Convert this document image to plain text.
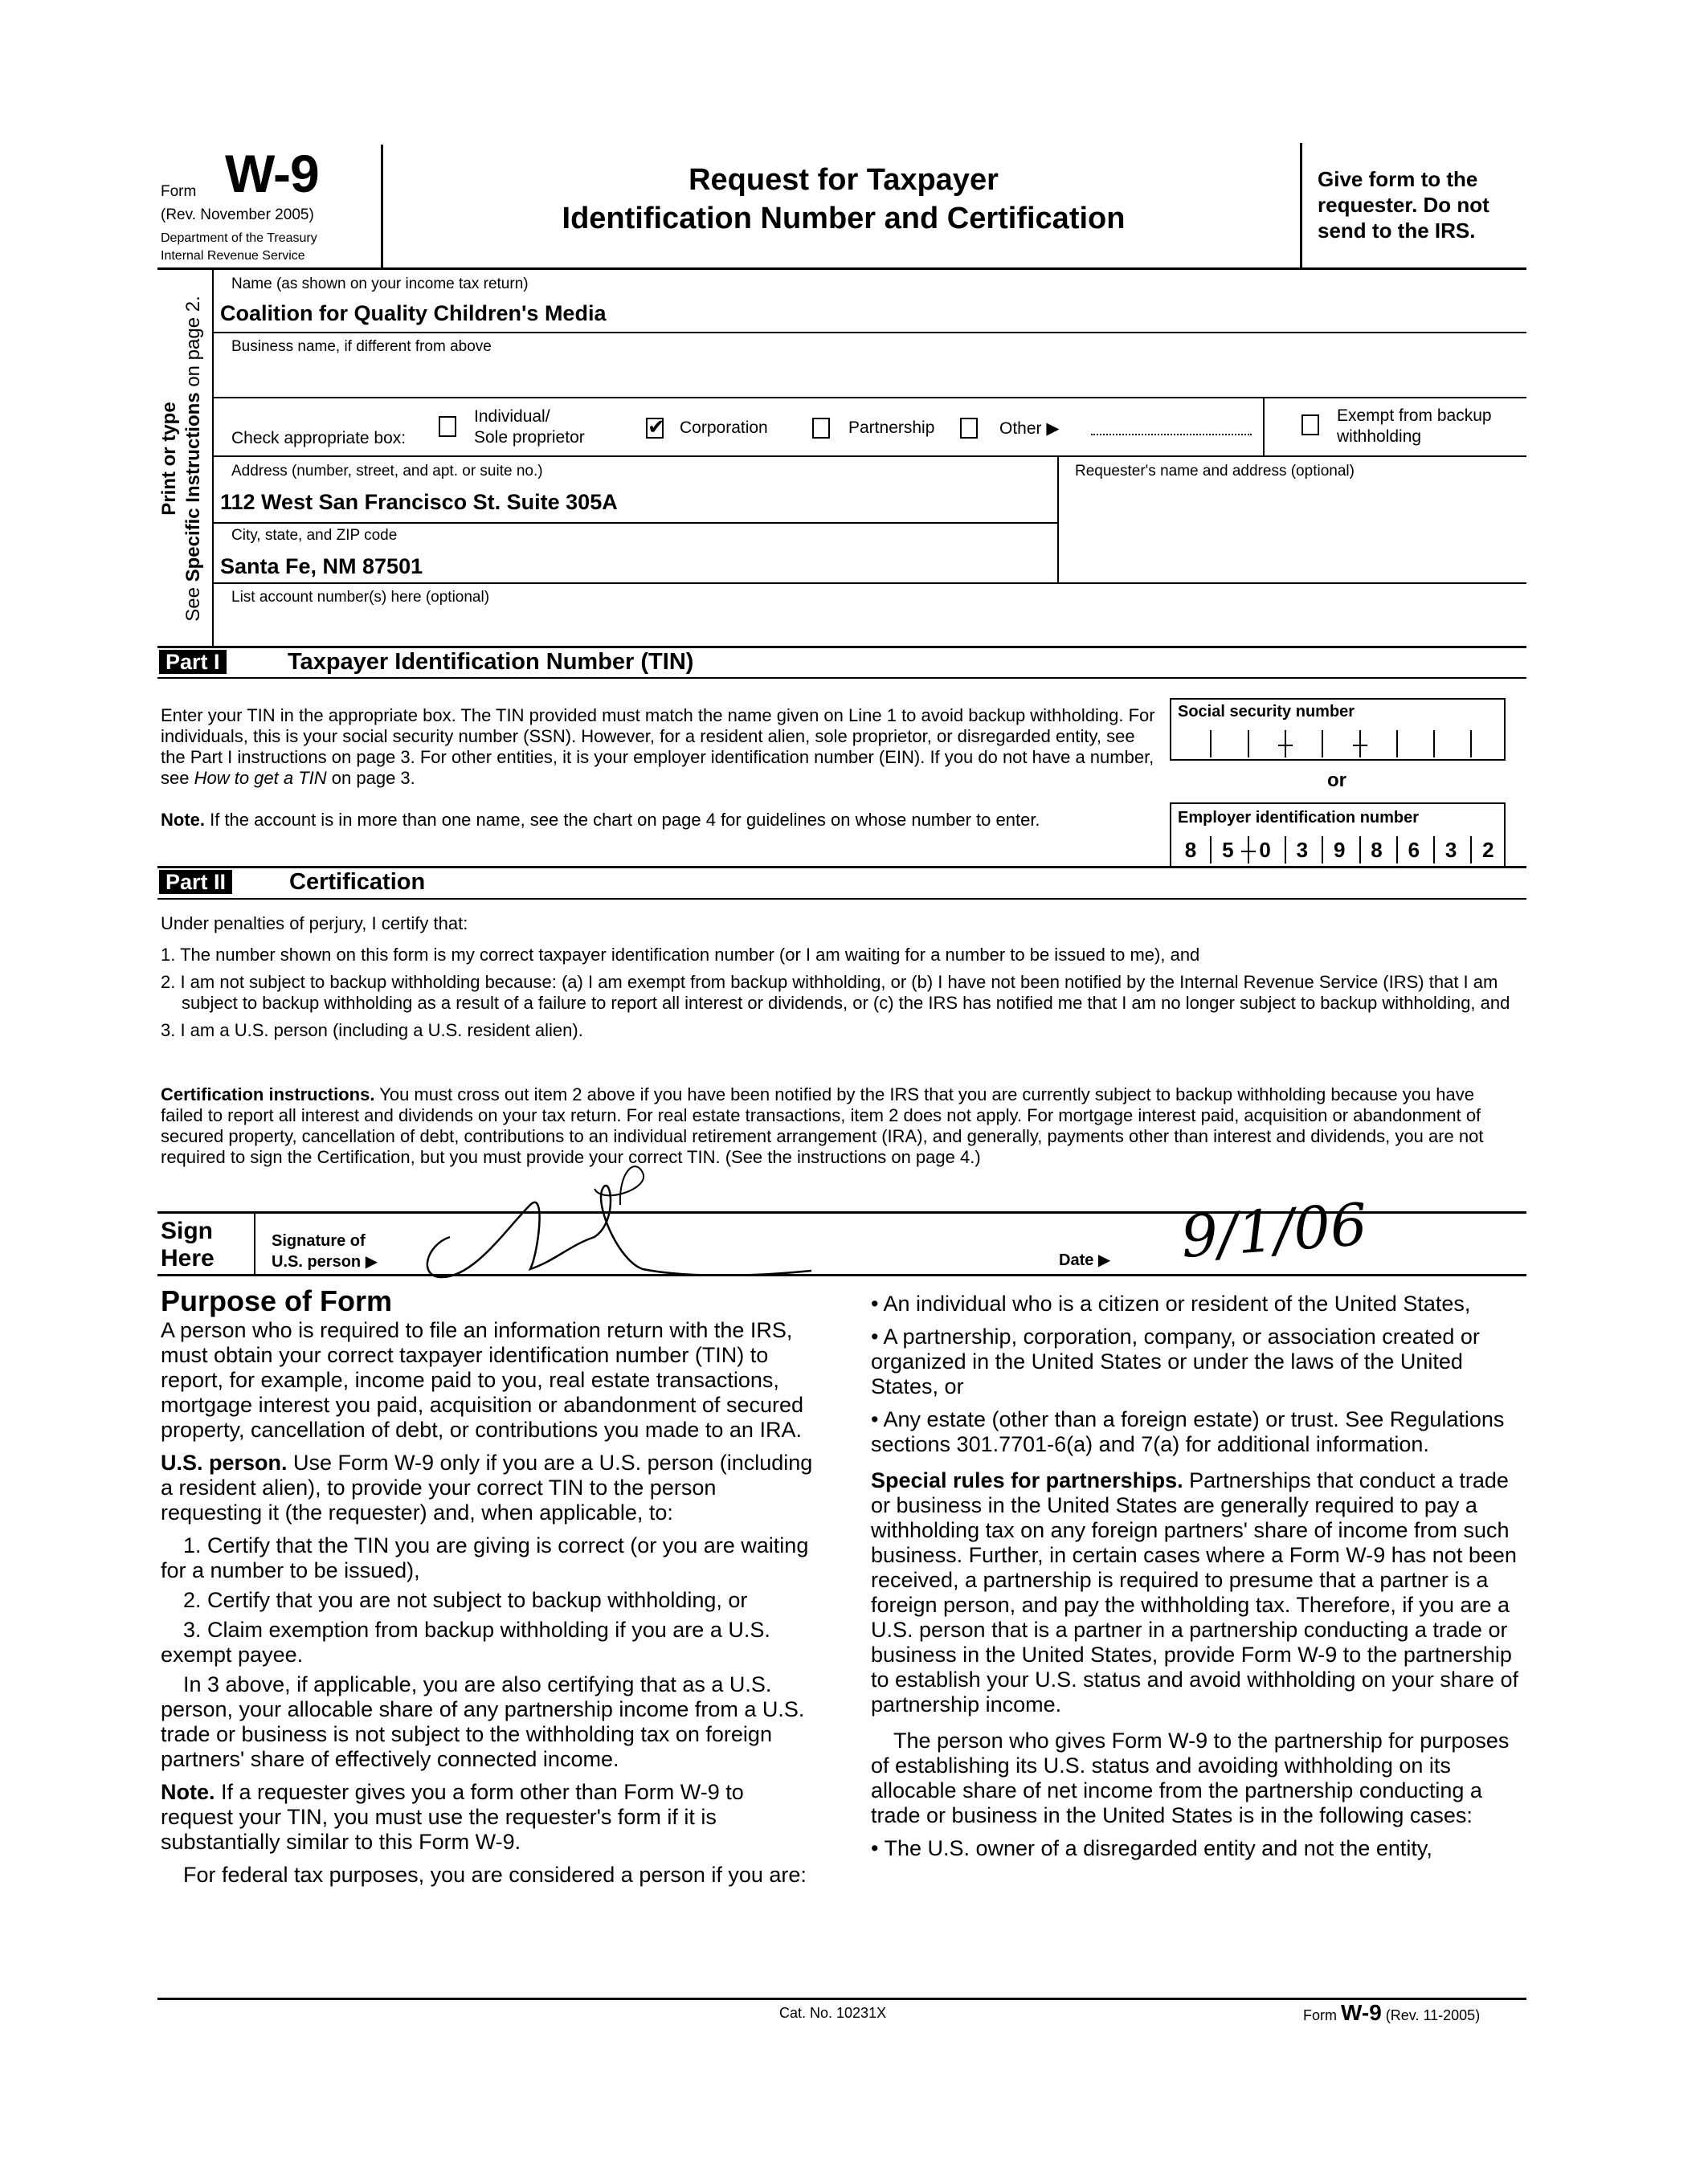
Form W-9
(Rev. November 2005)
Department of the Treasury
Internal Revenue Service
Request for Taxpayer
Identification Number and Certification
Give form to the
requester. Do not
send to the IRS.
Print or type
See Specific Instructions on page 2.
Name (as shown on your income tax return)
Coalition for Quality Children's Media
Business name, if different from above
Check appropriate box:
Individual/
Sole proprietor
✔
Corporation	Partnership	Other ▶
Exempt from backup
withholding
Address (number, street, and apt. or suite no.)
112 West San Francisco St. Suite 305A
Requester's name and address (optional)
City, state, and ZIP code
Santa Fe, NM 87501
List account number(s) here (optional)
Part I	Taxpayer Identification Number (TIN)
Enter your TIN in the appropriate box. The TIN provided must match the name given on Line 1 to avoid backup withholding. For individuals, this is your social security number (SSN). However, for a resident alien, sole proprietor, or disregarded entity, see the Part I instructions on page 3. For other entities, it is your employer identification number (EIN). If you do not have a number, see How to get a TIN on page 3.
Note. If the account is in more than one name, see the chart on page 4 for guidelines on whose number to enter.
Social security number
or
Employer identification number
8 5 0 3 9 8 6 3 2
Part II	Certification
Under penalties of perjury, I certify that:
1. The number shown on this form is my correct taxpayer identification number (or I am waiting for a number to be issued to me), and
2. I am not subject to backup withholding because: (a) I am exempt from backup withholding, or (b) I have not been notified by the Internal Revenue Service (IRS) that I am subject to backup withholding as a result of a failure to report all interest or dividends, or (c) the IRS has notified me that I am no longer subject to backup withholding, and
3. I am a U.S. person (including a U.S. resident alien).
Certification instructions. You must cross out item 2 above if you have been notified by the IRS that you are currently subject to backup withholding because you have failed to report all interest and dividends on your tax return. For real estate transactions, item 2 does not apply. For mortgage interest paid, acquisition or abandonment of secured property, cancellation of debt, contributions to an individual retirement arrangement (IRA), and generally, payments other than interest and dividends, you are not required to sign the Certification, but you must provide your correct TIN. (See the instructions on page 4.)
Sign
Here
Signature of
U.S. person ▶	Date ▶ 9/1/06
Purpose of Form
A person who is required to file an information return with the IRS, must obtain your correct taxpayer identification number (TIN) to report, for example, income paid to you, real estate transactions, mortgage interest you paid, acquisition or abandonment of secured property, cancellation of debt, or contributions you made to an IRA.
U.S. person. Use Form W-9 only if you are a U.S. person (including a resident alien), to provide your correct TIN to the person requesting it (the requester) and, when applicable, to:
1. Certify that the TIN you are giving is correct (or you are waiting for a number to be issued),
2. Certify that you are not subject to backup withholding, or
3. Claim exemption from backup withholding if you are a U.S. exempt payee.
In 3 above, if applicable, you are also certifying that as a U.S. person, your allocable share of any partnership income from a U.S. trade or business is not subject to the withholding tax on foreign partners' share of effectively connected income.
Note. If a requester gives you a form other than Form W-9 to request your TIN, you must use the requester's form if it is substantially similar to this Form W-9.
For federal tax purposes, you are considered a person if you are:
• An individual who is a citizen or resident of the United States,
• A partnership, corporation, company, or association created or organized in the United States or under the laws of the United States, or
• Any estate (other than a foreign estate) or trust. See Regulations sections 301.7701-6(a) and 7(a) for additional information.
Special rules for partnerships. Partnerships that conduct a trade or business in the United States are generally required to pay a withholding tax on any foreign partners' share of income from such business. Further, in certain cases where a Form W-9 has not been received, a partnership is required to presume that a partner is a foreign person, and pay the withholding tax. Therefore, if you are a U.S. person that is a partner in a partnership conducting a trade or business in the United States, provide Form W-9 to the partnership to establish your U.S. status and avoid withholding on your share of partnership income.
The person who gives Form W-9 to the partnership for purposes of establishing its U.S. status and avoiding withholding on its allocable share of net income from the partnership conducting a trade or business in the United States is in the following cases:
• The U.S. owner of a disregarded entity and not the entity,
Cat. No. 10231X	Form W-9 (Rev. 11-2005)
